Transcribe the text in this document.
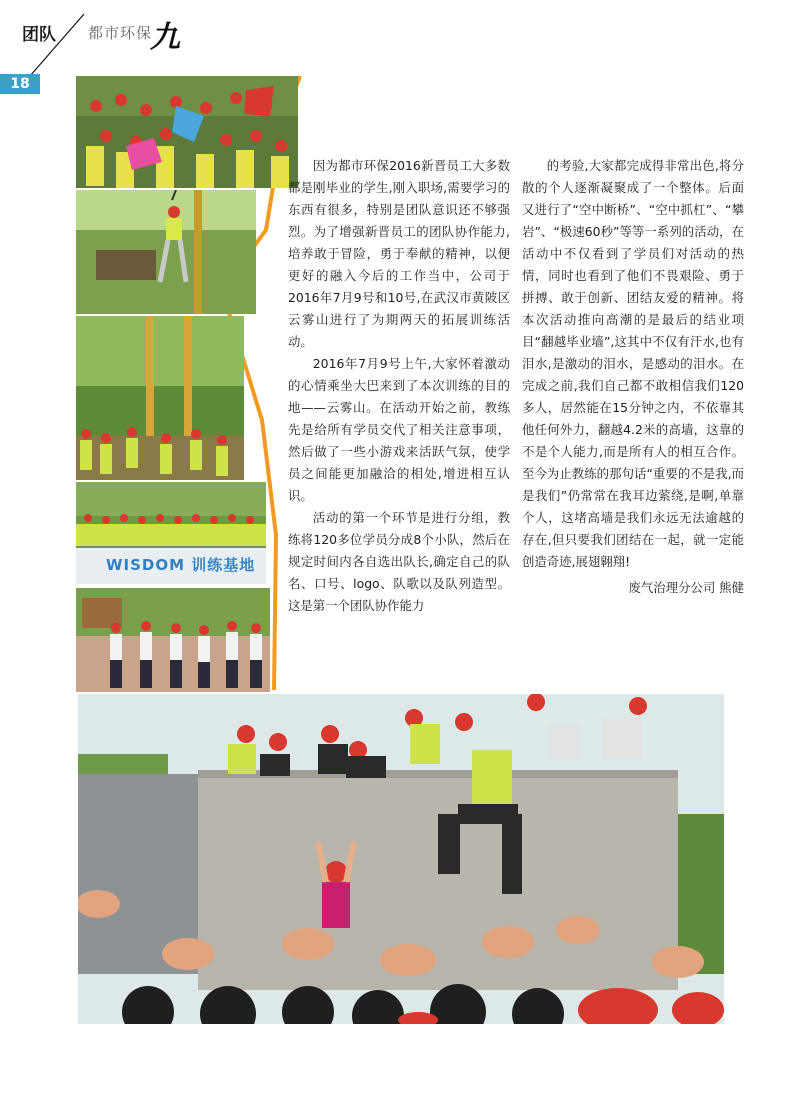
团队 都市环保
九
18
WISDOM 训练基地

因为都市环保2016新晋员工大多数都是刚毕业的学生,刚入职场,需要学习的东西有很多，特别是团队意识还不够强烈。为了增强新晋员工的团队协作能力,培养敢于冒险，勇于奉献的精神，以便更好的融入今后的工作当中，公司于2016年7月9号和10号,在武汉市黄陂区云雾山进行了为期两天的拓展训练活动。

2016年7月9号上午,大家怀着激动的心情乘坐大巴来到了本次训练的目的地——云雾山。在活动开始之前，教练先是给所有学员交代了相关注意事项，然后做了一些小游戏来活跃气氛，使学员之间能更加融洽的相处,增进相互认识。

活动的第一个环节是进行分组，教练将120多位学员分成8个小队，然后在规定时间内各自选出队长,确定自己的队名、口号、logo、队歌以及队列造型。这是第一个团队协作能力

的考验,大家都完成得非常出色,将分散的个人逐渐凝聚成了一个整体。后面又进行了“空中断桥”、“空中抓杠”、“攀岩”、“极速60秒”等等一系列的活动，在活动中不仅看到了学员们对活动的热情，同时也看到了他们不畏艰险、勇于拼搏、敢于创新、团结友爱的精神。将本次活动推向高潮的是最后的结业项目“翻越毕业墙”,这其中不仅有汗水,也有泪水,是激动的泪水，是感动的泪水。在完成之前,我们自己都不敢相信我们120多人，居然能在15分钟之内，不依靠其他任何外力，翻越4.2米的高墙，这靠的不是个人能力,而是所有人的相互合作。至今为止教练的那句话“重要的不是我,而是我们”仍常常在我耳边萦绕,是啊,单靠个人，这堵高墙是我们永远无法逾越的存在,但只要我们团结在一起，就一定能创造奇迹,展翅翱翔!

废气治理分公司 熊健
